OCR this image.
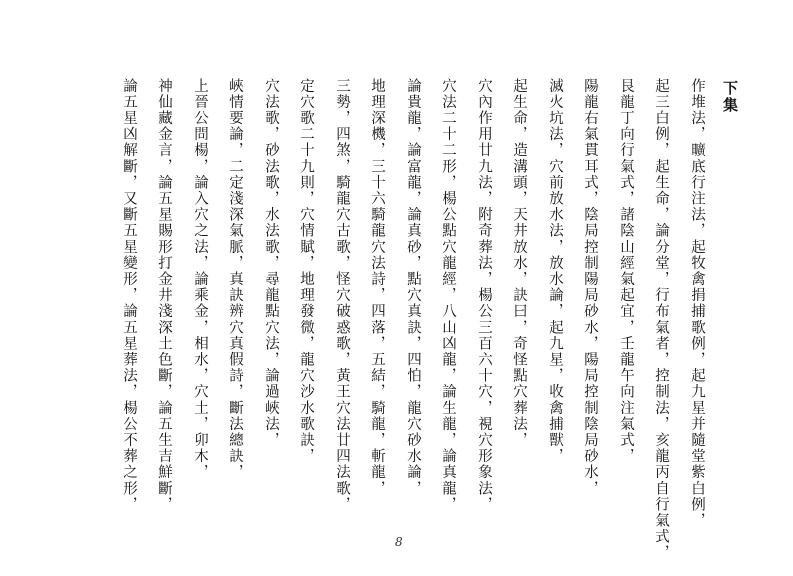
下集
作堆法，曠底行注法，起牧禽捐捕歌例，起九星并隨堂紫白例，
起三白例，起生命，論分堂，行布氣者，控制法，亥龍丙自行氣式，
艮龍丁向行氣式，諸陰山經氣起宜，壬龍午向注氣式，
陽龍右氣貫耳式，陰局控制陽局砂水，陽局控制陰局砂水，
滅火坑法，穴前放水法，放水論，起九星，收禽捕獸，
起生命，造溝頭，天井放水，訣曰，奇怪點穴葬法，
穴內作用廿九法，附奇葬法，楊公三百六十穴，視穴形象法，
穴法二十二形，楊公點穴龍經，八山凶龍，論生龍，論真龍，
論貴龍，論富龍，論真砂，點穴真訣，四怕，龍穴砂水論，
地理深機，三十六騎龍穴法詩，四落，五結，騎龍，斬龍，
三勢，四煞，騎龍穴古歌，怪穴破惑歌，黃王穴法廿四法歌，
定穴歌二十九則，穴情賦，地理發微，龍穴沙水歌訣，
穴法歌，砂法歌，水法歌，尋龍點穴法，論過峽法，
峽情要論，二定淺深氣脈，真訣辨穴真假詩，斷法總訣，
上晉公問楊，論入穴之法，論乘金，相水，穴土，卯木，
神仙藏金言，論五星賜形打金井淺深土色斷，論五生吉鮮斷，
論五星凶解斷，又斷五星變形，論五星葬法，楊公不葬之形，
8
